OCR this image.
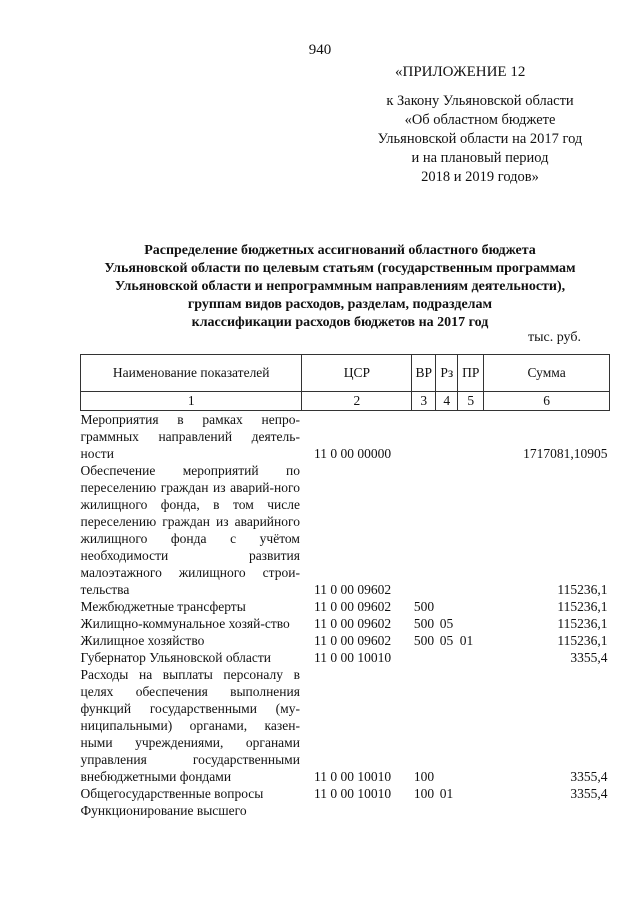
940
«ПРИЛОЖЕНИЕ 12
к Закону Ульяновской области
«Об областном бюджете
Ульяновской области на 2017 год
и на плановый период
2018 и 2019 годов»
Распределение бюджетных ассигнований областного бюджета
Ульяновской области по целевым статьям (государственным программам
Ульяновской области и непрограммным направлениям деятельности),
группам видов расходов, разделам, подразделам
классификации расходов бюджетов на 2017 год
тыс. руб.
Наименование показателей	ЦСР	ВР	Рз	ПР	Сумма
1	2	3	4	5	6
Мероприятия в рамках непро-граммных направлений деятель-ности	11 0 00 00000				1717081,10905
Обеспечение мероприятий по переселению граждан из аварий-ного жилищного фонда, в том числе переселению граждан из аварийного жилищного фонда с учётом необходимости развития малоэтажного жилищного строи-тельства	11 0 00 09602				115236,1
Межбюджетные трансферты	11 0 00 09602	500			115236,1
Жилищно-коммунальное хозяй-ство	11 0 00 09602	500	05		115236,1
Жилищное хозяйство	11 0 00 09602	500	05	01	115236,1
Губернатор Ульяновской области	11 0 00 10010				3355,4
Расходы на выплаты персоналу в целях обеспечения выполнения функций государственными (му-ниципальными) органами, казен-ными учреждениями, органами управления государственными внебюджетными фондами	11 0 00 10010	100			3355,4
Общегосударственные вопросы	11 0 00 10010	100	01		3355,4
Функционирование высшего					
